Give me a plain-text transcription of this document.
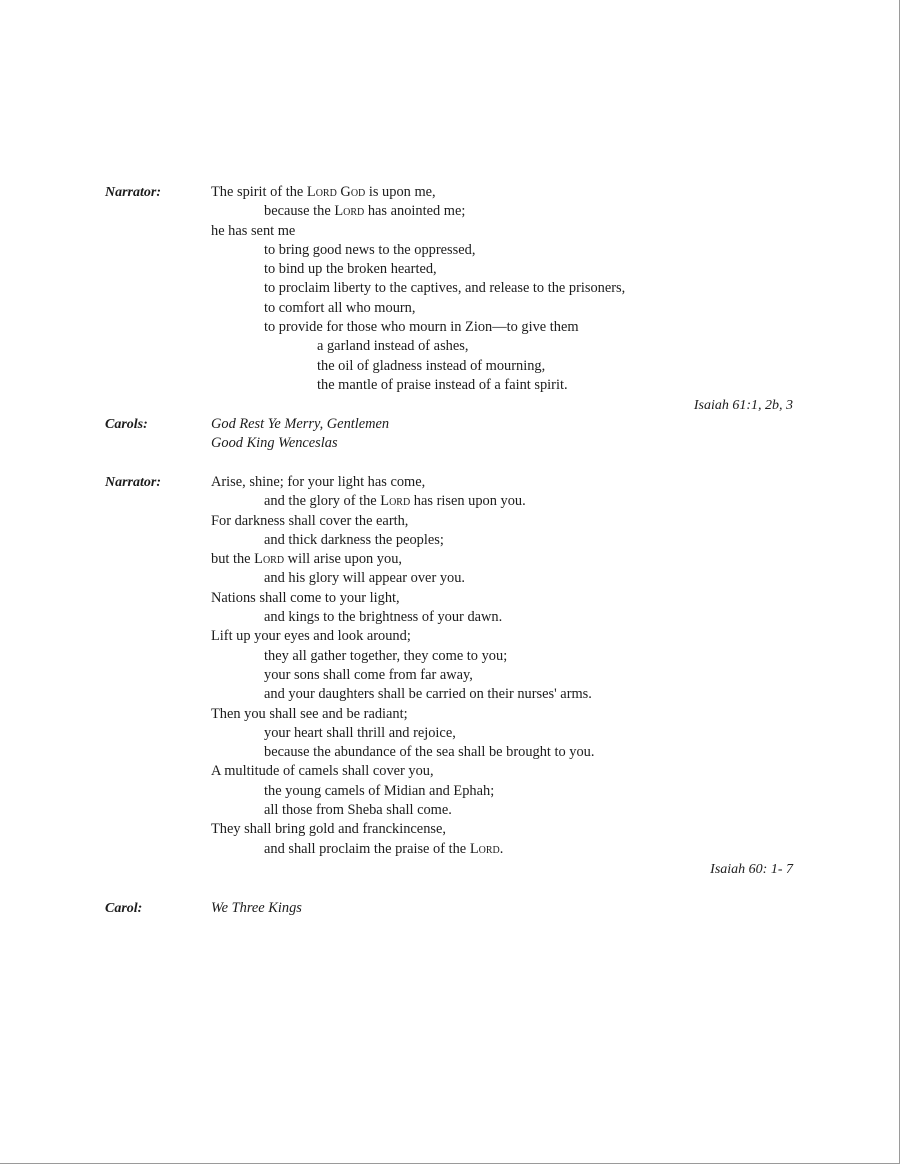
Narrator:	The spirit of the Lord God is upon me,
because the Lord has anointed me;
he has sent me
to bring good news to the oppressed,
to bind up the broken hearted,
to proclaim liberty to the captives, and release to the prisoners,
to comfort all who mourn,
to provide for those who mourn in Zion—to give them
a garland instead of ashes,
the oil of gladness instead of mourning,
the mantle of praise instead of a faint spirit.
Isaiah 61:1, 2b, 3
Carols:	God Rest Ye Merry, Gentlemen
Good King Wenceslas
Narrator:	Arise, shine; for your light has come,
and the glory of the Lord has risen upon you.
For darkness shall cover the earth,
and thick darkness the peoples;
but the Lord will arise upon you,
and his glory will appear over you.
Nations shall come to your light,
and kings to the brightness of your dawn.
Lift up your eyes and look around;
they all gather together, they come to you;
your sons shall come from far away,
and your daughters shall be carried on their nurses' arms.
Then you shall see and be radiant;
your heart shall thrill and rejoice,
because the abundance of the sea shall be brought to you.
A multitude of camels shall cover you,
the young camels of Midian and Ephah;
all those from Sheba shall come.
They shall bring gold and franckincense,
and shall proclaim the praise of the Lord.
Isaiah 60: 1- 7
Carol:	We Three Kings
